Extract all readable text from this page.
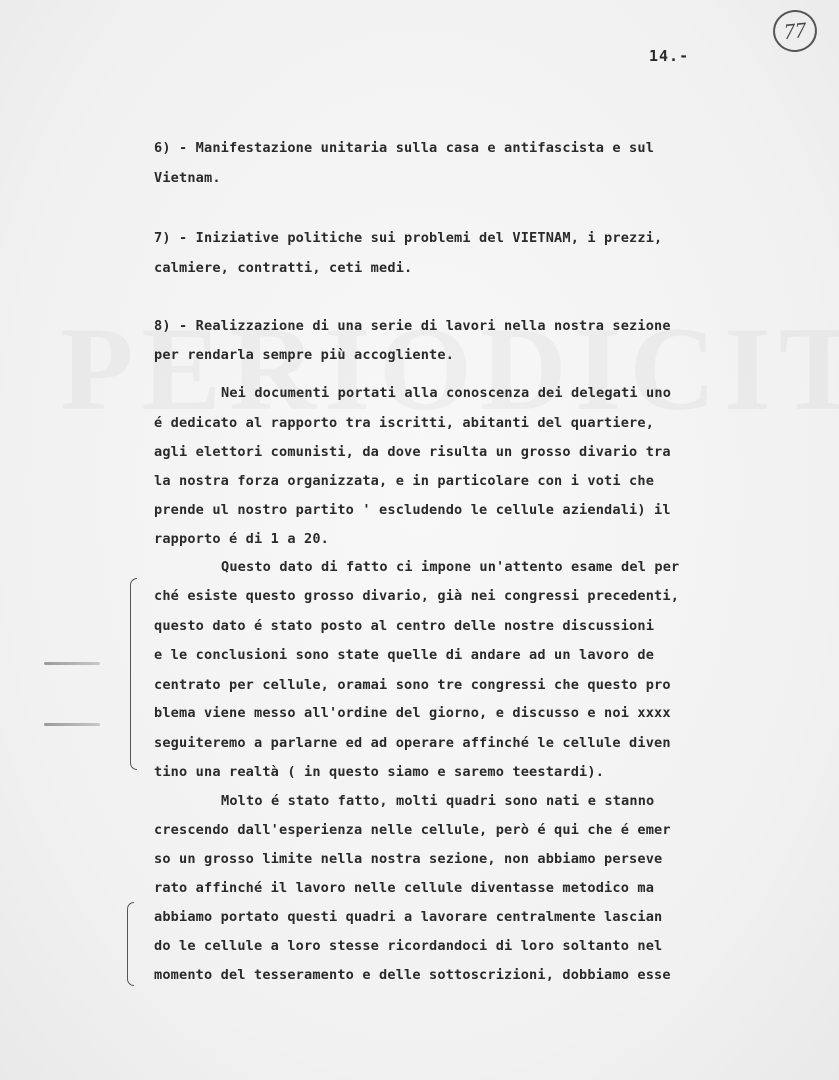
77
14.-
6) - Manifestazione unitaria sulla casa e antifascista e sul
Vietnam.
7) - Iniziative politiche sui problemi del VIETNAM, i prezzi,
calmiere, contratti, ceti medi.
8) - Realizzazione di una serie di lavori nella nostra sezione
per rendarla sempre più accogliente.
Nei documenti portati alla conoscenza dei delegati uno
é dedicato al rapporto tra iscritti, abitanti del quartiere,
agli elettori comunisti, da dove risulta un grosso divario tra
la nostra forza organizzata, e in particolare con i voti che
prende ul nostro partito ' escludendo le cellule aziendali) il
rapporto é di 1 a 20.
Questo dato di fatto ci impone un'attento esame del per
ché esiste questo grosso divario, già nei congressi precedenti,
questo dato é stato posto al centro delle nostre discussioni
e le conclusioni sono state quelle di andare ad un lavoro de
centrato per cellule, oramai sono tre congressi che questo pro
blema viene messo all'ordine del giorno, e discusso e noi xxxx
seguiteremo a parlarne ed ad operare affinché le cellule diven
tino una realtà ( in questo siamo e saremo teestardi).
Molto é stato fatto, molti quadri sono nati e stanno
crescendo dall'esperienza nelle cellule, però é qui che é emer
so un grosso limite nella nostra sezione, non abbiamo perseve
rato affinché il lavoro nelle cellule diventasse metodico ma
abbiamo portato questi quadri a lavorare centralmente lascian
do le cellule a loro stesse ricordandoci di loro soltanto nel
momento del tesseramento e delle sottoscrizioni, dobbiamo esse
